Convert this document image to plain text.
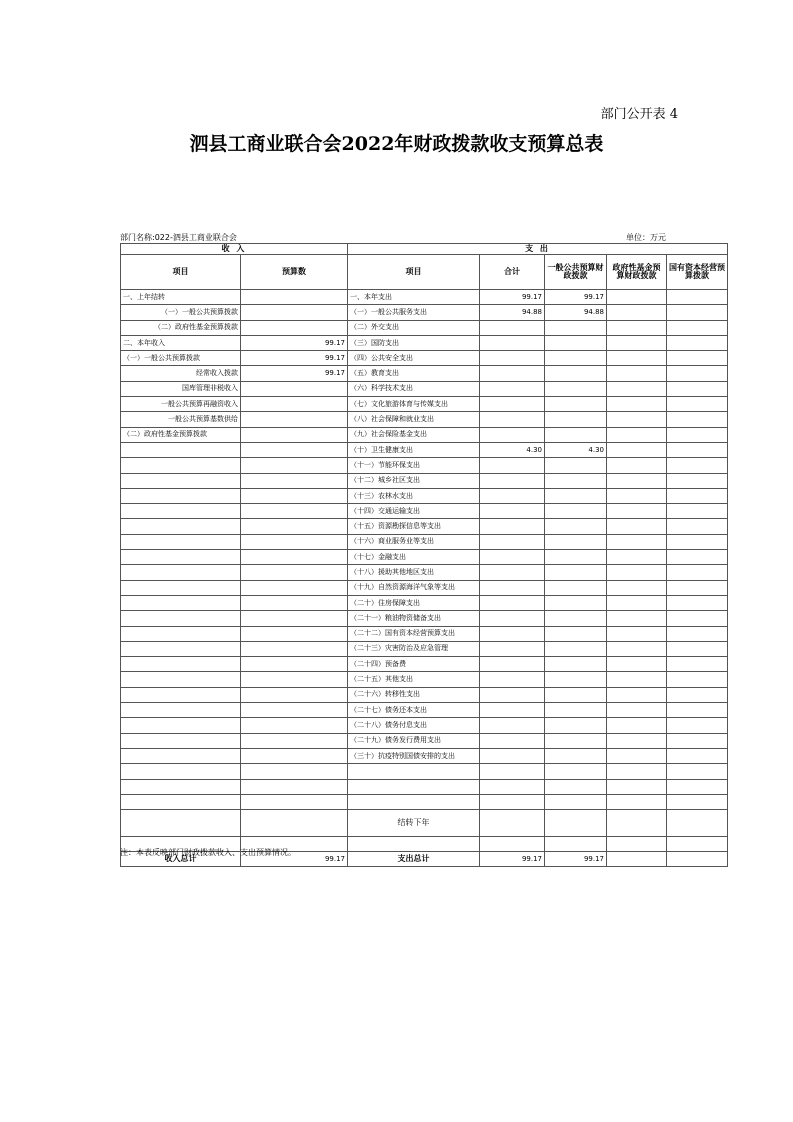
部门公开表 4
泗县工商业联合会2022年财政拨款收支预算总表
部门名称:022-泗县工商业联合会	单位：万元
收 入		支 出				
项目	预算数	项目	合计	一般公共预算财政拨款	政府性基金预算财政拨款	国有资本经营预算拨款
一、上年结转		一、本年支出	99.17	99.17		
（一）一般公共预算拨款		（一）一般公共服务支出	94.88	94.88		
（二）政府性基金预算拨款		（二）外交支出				
二、本年收入	99.17	（三）国防支出				
（一）一般公共预算拨款	99.17	（四）公共安全支出				
经常收入拨款	99.17	（五）教育支出				
国库管理非税收入		（六）科学技术支出				
一般公共预算再融资收入		（七）文化旅游体育与传媒支出				
一般公共预算基数供给		（八）社会保障和就业支出				
（二）政府性基金预算拨款		（九）社会保险基金支出				
		（十）卫生健康支出	4.30	4.30		
		（十一）节能环保支出				
		（十二）城乡社区支出				
		（十三）农林水支出				
		（十四）交通运输支出				
		（十五）资源勘探信息等支出				
		（十六）商业服务业等支出				
		（十七）金融支出				
		（十八）援助其他地区支出				
		（十九）自然资源海洋气象等支出				
		（二十）住房保障支出				
		（二十一）粮油物资储备支出				
		（二十二）国有资本经营预算支出				
		（二十三）灾害防治及应急管理				
		（二十四）预备费				
		（二十五）其他支出				
		（二十六）转移性支出				
		（二十七）债务还本支出				
		（二十八）债务付息支出				
		（二十九）债务发行费用支出				
		（三十）抗疫特别国债安排的支出				

		结转下年				

收入总计	99.17	支出总计	99.17	99.17		
注：本表反映部门财政拨款收入、支出预算情况。
